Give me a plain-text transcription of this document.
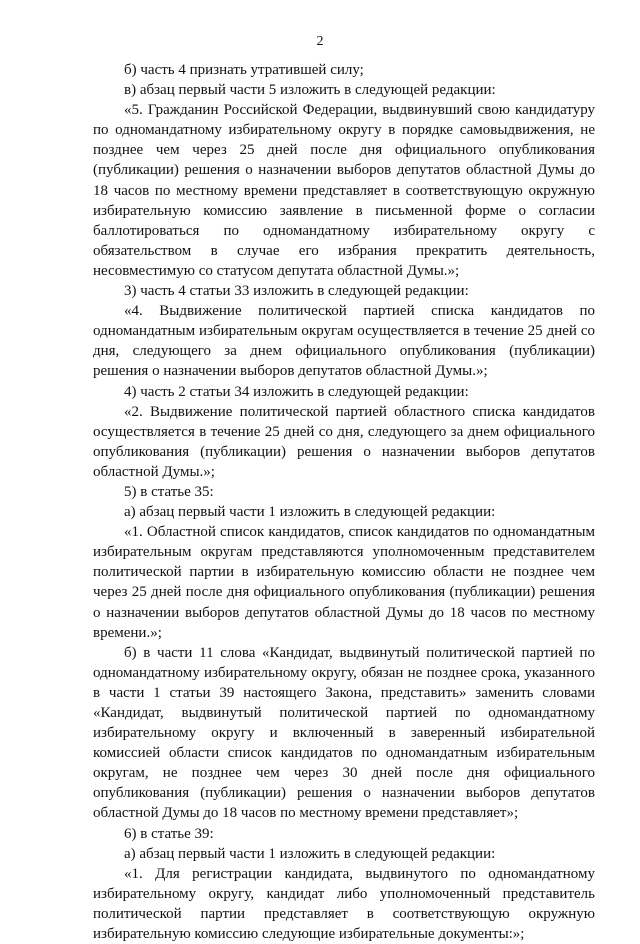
2

б) часть 4 признать утратившей силу;

в) абзац первый части 5 изложить в следующей редакции:

«5. Гражданин Российской Федерации, выдвинувший свою кандидатуру по одномандатному избирательному округу в порядке самовыдвижения, не позднее чем через 25 дней после дня официального опубликования (публикации) решения о назначении выборов депутатов областной Думы до 18 часов по местному времени представляет в соответствующую окружную избирательную комиссию заявление в письменной форме о согласии баллотироваться по одномандатному избирательному округу с обязательством в случае его избрания прекратить деятельность, несовместимую со статусом депутата областной Думы.»;

3) часть 4 статьи 33 изложить в следующей редакции:

«4. Выдвижение политической партией списка кандидатов по одномандатным избирательным округам осуществляется в течение 25 дней со дня, следующего за днем официального опубликования (публикации) решения о назначении выборов депутатов областной Думы.»;

4) часть 2 статьи 34 изложить в следующей редакции:

«2. Выдвижение политической партией областного списка кандидатов осуществляется в течение 25 дней со дня, следующего за днем официального опубликования (публикации) решения о назначении выборов депутатов областной Думы.»;

5) в статье 35:

а) абзац первый части 1 изложить в следующей редакции:

«1. Областной список кандидатов, список кандидатов по одномандатным избирательным округам представляются уполномоченным представителем политической партии в избирательную комиссию области не позднее чем через 25 дней после дня официального опубликования (публикации) решения о назначении выборов депутатов областной Думы до 18 часов по местному времени.»;

б) в части 11 слова «Кандидат, выдвинутый политической партией по одномандатному избирательному округу, обязан не позднее срока, указанного в части 1 статьи 39 настоящего Закона, представить» заменить словами «Кандидат, выдвинутый политической партией по одномандатному избирательному округу и включенный в заверенный избирательной комиссией области список кандидатов по одномандатным избирательным округам, не позднее чем через 30 дней после дня официального опубликования (публикации) решения о назначении выборов депутатов областной Думы до 18 часов по местному времени представляет»;

6) в статье 39:

а) абзац первый части 1 изложить в следующей редакции:

«1. Для регистрации кандидата, выдвинутого по одномандатному избирательному округу, кандидат либо уполномоченный представитель политической партии представляет в соответствующую окружную избирательную комиссию следующие избирательные документы:»;
